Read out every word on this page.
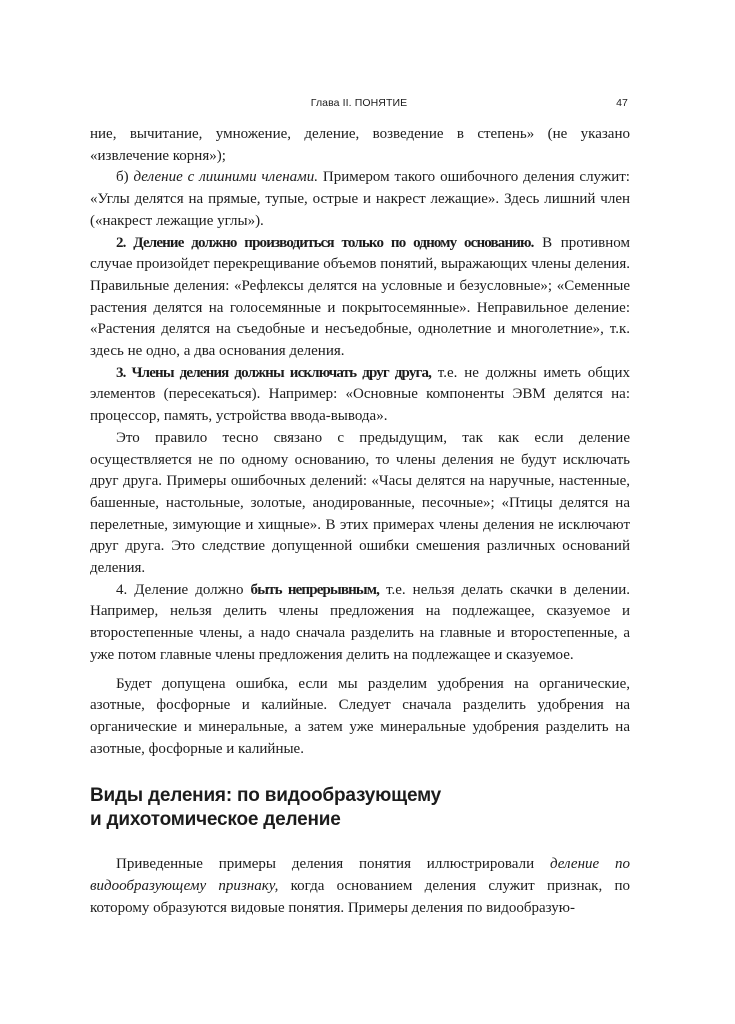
Глава II. ПОНЯТИЕ	47

ние, вычитание, умножение, деление, возведение в степень» (не указано «извлечение корня»);

б) деление с лишними членами. Примером такого ошибочного деления служит: «Углы делятся на прямые, тупые, острые и накрест лежащие». Здесь лишний член («накрест лежащие углы»).

2. Деление должно производиться только по одному основанию. В противном случае произойдет перекрещивание объемов понятий, выражающих члены деления. Правильные деления: «Рефлексы делятся на условные и безусловные»; «Семенные растения делятся на голосемянные и покрытосемянные». Неправильное деление: «Растения делятся на съедобные и несъедобные, однолетние и многолетние», т.к. здесь не одно, а два основания деления.

3. Члены деления должны исключать друг друга, т.е. не должны иметь общих элементов (пересекаться). Например: «Основные компоненты ЭВМ делятся на: процессор, память, устройства ввода-вывода».

Это правило тесно связано с предыдущим, так как если деление осуществляется не по одному основанию, то члены деления не будут исключать друг друга. Примеры ошибочных делений: «Часы делятся на наручные, настенные, башенные, настольные, золотые, анодированные, песочные»; «Птицы делятся на перелетные, зимующие и хищные». В этих примерах члены деления не исключают друг друга. Это следствие допущенной ошибки смешения различных оснований деления.

4. Деление должно быть непрерывным, т.е. нельзя делать скачки в делении. Например, нельзя делить члены предложения на подлежащее, сказуемое и второстепенные члены, а надо сначала разделить на главные и второстепенные, а уже потом главные члены предложения делить на подлежащее и сказуемое.

Будет допущена ошибка, если мы разделим удобрения на органические, азотные, фосфорные и калийные. Следует сначала разделить удобрения на органические и минеральные, а затем уже минеральные удобрения разделить на азотные, фосфорные и калийные.

Виды деления: по видообразующему
и дихотомическое деление

Приведенные примеры деления понятия иллюстрировали деление по видообразующему признаку, когда основанием деления служит признак, по которому образуются видовые понятия. Примеры деления по видообразую-
